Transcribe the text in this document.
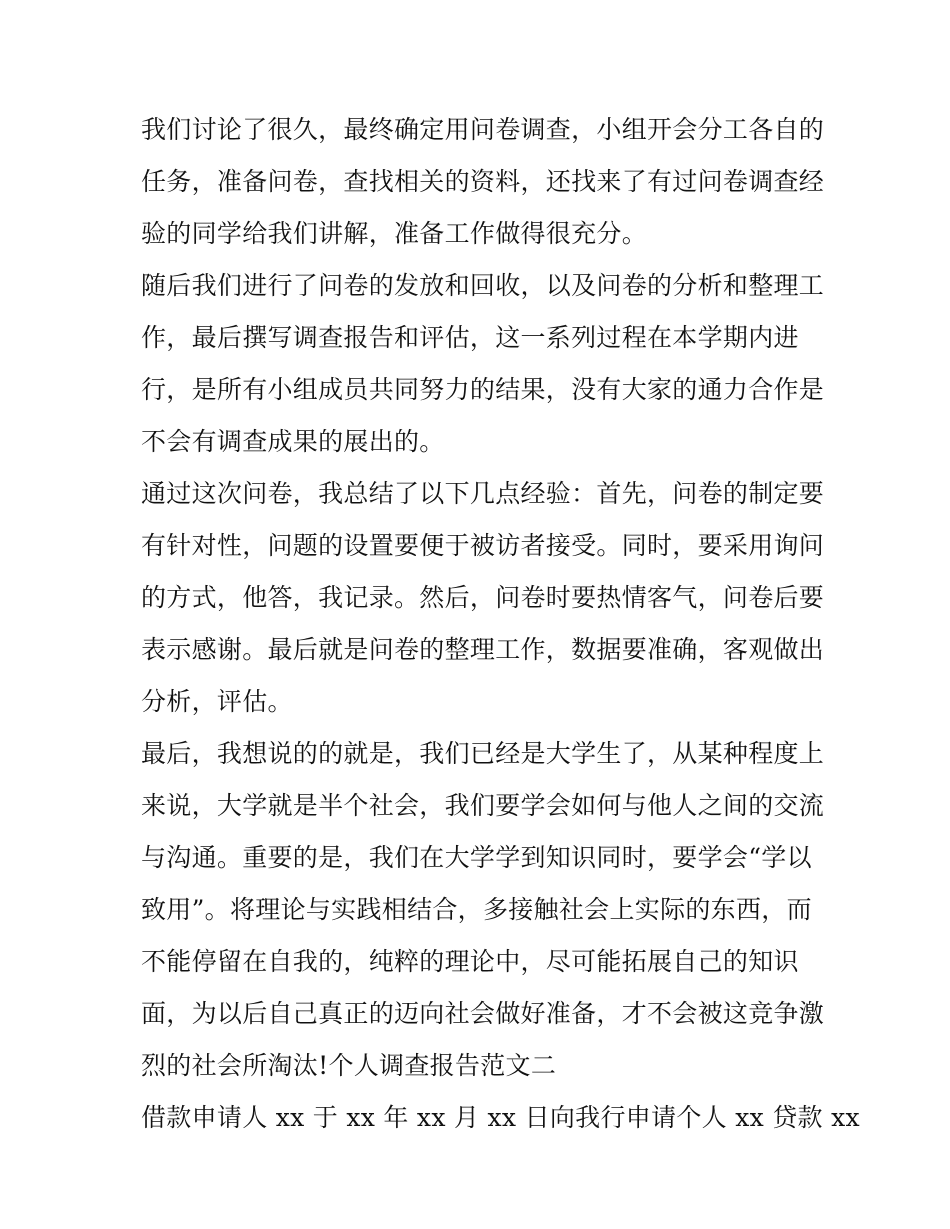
我们讨论了很久，最终确定用问卷调查，小组开会分工各自的
任务，准备问卷，查找相关的资料，还找来了有过问卷调查经
验的同学给我们讲解，准备工作做得很充分。
随后我们进行了问卷的发放和回收，以及问卷的分析和整理工
作，最后撰写调查报告和评估，这一系列过程在本学期内进
行，是所有小组成员共同努力的结果，没有大家的通力合作是
不会有调查成果的展出的。
通过这次问卷，我总结了以下几点经验：首先，问卷的制定要
有针对性，问题的设置要便于被访者接受。同时，要采用询问
的方式，他答，我记录。然后，问卷时要热情客气，问卷后要
表示感谢。最后就是问卷的整理工作，数据要准确，客观做出
分析，评估。
最后，我想说的的就是，我们已经是大学生了，从某种程度上
来说，大学就是半个社会，我们要学会如何与他人之间的交流
与沟通。重要的是，我们在大学学到知识同时，要学会“学以
致用”。将理论与实践相结合，多接触社会上实际的东西，而
不能停留在自我的，纯粹的理论中，尽可能拓展自己的知识
面，为以后自己真正的迈向社会做好准备，才不会被这竞争激
烈的社会所淘汰!个人调查报告范文二
借款申请人 xx 于 xx 年 xx 月 xx 日向我行申请个人 xx 贷款 xx
